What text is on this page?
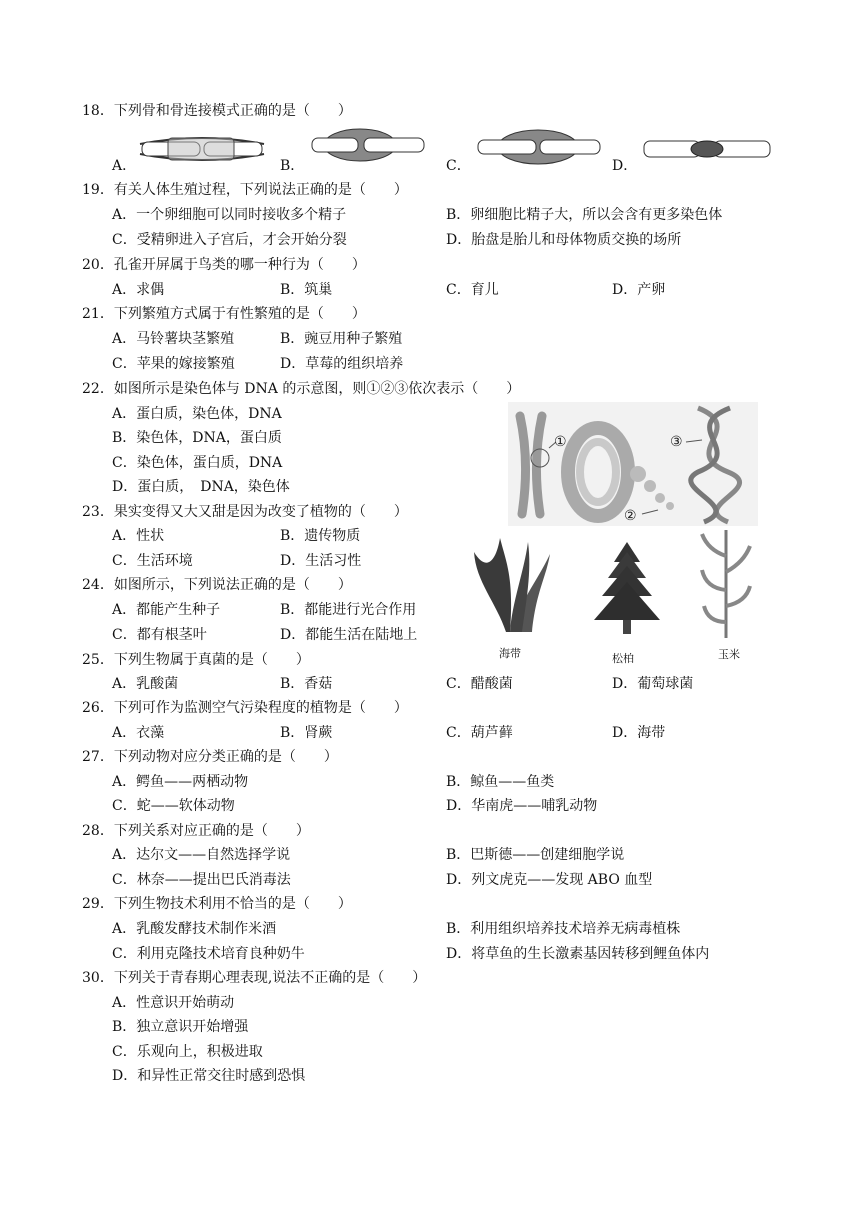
18．下列骨和骨连接模式正确的是（　　）
A．	B．	C．	D．
19．有关人体生殖过程，下列说法正确的是（　　）
A．一个卵细胞可以同时接收多个精子	B．卵细胞比精子大，所以会含有更多染色体
C．受精卵进入子宫后，才会开始分裂	D．胎盘是胎儿和母体物质交换的场所
20．孔雀开屏属于鸟类的哪一种行为（　　）
A．求偶	B．筑巢	C．育儿	D．产卵
21．下列繁殖方式属于有性繁殖的是（　　）
A．马铃薯块茎繁殖	B．豌豆用种子繁殖
C．苹果的嫁接繁殖	D．草莓的组织培养
22．如图所示是染色体与 DNA 的示意图，则①②③依次表示（　　）
A．蛋白质，染色体，DNA
B．染色体，DNA，蛋白质
C．染色体，蛋白质，DNA
D．蛋白质，　DNA，染色体
①
②
③
23．果实变得又大又甜是因为改变了植物的（　　）
A．性状	B．遗传物质
C．生活环境	D．生活习性
24．如图所示，下列说法正确的是（　　）
A．都能产生种子	B．都能进行光合作用
C．都有根茎叶	D．都能生活在陆地上
海带	松柏	玉米
25．下列生物属于真菌的是（　　）
A．乳酸菌	B．香菇	C．醋酸菌	D．葡萄球菌
26．下列可作为监测空气污染程度的植物是（　　）
A．衣藻	B．肾蕨	C．葫芦藓	D．海带
27．下列动物对应分类正确的是（　　）
A．鳄鱼——两栖动物	B．鲸鱼——鱼类
C．蛇——软体动物	D．华南虎——哺乳动物
28．下列关系对应正确的是（　　）
A．达尔文——自然选择学说	B．巴斯德——创建细胞学说
C．林奈——提出巴氏消毒法	D．列文虎克——发现 ABO 血型
29．下列生物技术利用不恰当的是（　　）
A．乳酸发酵技术制作米酒	B．利用组织培养技术培养无病毒植株
C．利用克隆技术培育良种奶牛	D．将草鱼的生长激素基因转移到鲤鱼体内
30．下列关于青春期心理表现,说法不正确的是（　　）
A．性意识开始萌动
B．独立意识开始增强
C．乐观向上，积极进取
D．和异性正常交往时感到恐惧
